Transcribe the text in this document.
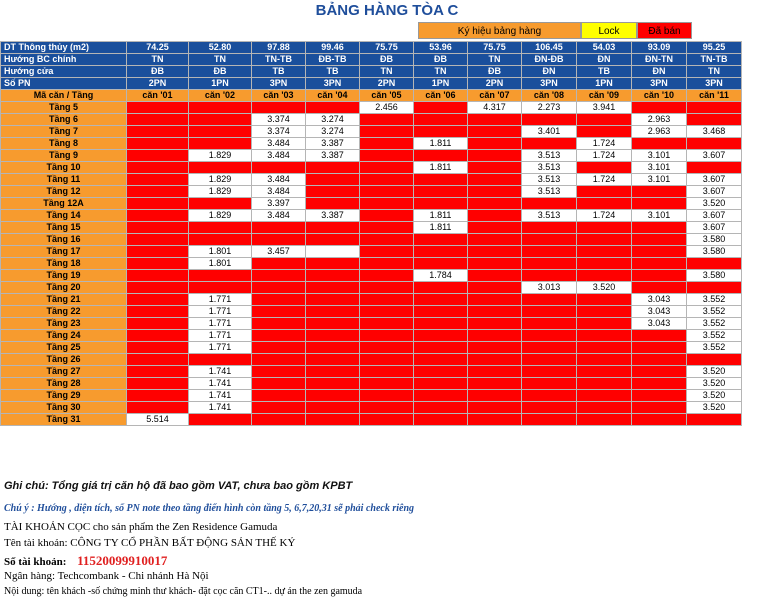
BẢNG HÀNG TÒA C
Ký hiệu bảng hàng	Lock	Đã bán
DT Thông thủy (m2)	74.25	52.80	97.88	99.46	75.75	53.96	75.75	106.45	54.03	93.09	95.25
Hướng BC chính	TN	TN	TN-TB	ĐB-TB	ĐB	ĐB	TN	ĐN-ĐB	ĐN	ĐN-TN	TN-TB
Hướng cửa	ĐB	ĐB	TB	TB	TN	TN	ĐB	ĐN	TB	ĐN	TN
Số PN	2PN	1PN	3PN	3PN	2PN	1PN	2PN	3PN	1PN	3PN	3PN
Mã căn / Tầng	căn '01	căn '02	căn '03	căn '04	căn '05	căn '06	căn '07	căn '08	căn '09	căn '10	căn '11
Tầng 5					2.456		4.317	2.273	3.941		
Tầng 6			3.374	3.274						2.963	
Tầng 7			3.374	3.274				3.401		2.963	3.468
Tầng 8			3.484	3.387		1.811			1.724		
Tầng 9		1.829	3.484	3.387				3.513	1.724	3.101	3.607
Tầng 10						1.811		3.513		3.101	
Tầng 11		1.829	3.484					3.513	1.724	3.101	3.607
Tầng 12		1.829	3.484					3.513			3.607
Tầng 12A			3.397								3.520
Tầng 14		1.829	3.484	3.387		1.811		3.513	1.724	3.101	3.607
Tầng 15						1.811					3.607
Tầng 16											3.580
Tầng 17		1.801	3.457								3.580
Tầng 18		1.801									
Tầng 19						1.784					3.580
Tầng 20								3.013	3.520		
Tầng 21		1.771								3.043	3.552
Tầng 22		1.771								3.043	3.552
Tầng 23		1.771								3.043	3.552
Tầng 24		1.771									3.552
Tầng 25		1.771									3.552
Tầng 26											
Tầng 27		1.741									3.520
Tầng 28		1.741									3.520
Tầng 29		1.741									3.520
Tầng 30		1.741									3.520
Tầng 31	5.514										
Ghi chú: Tổng giá trị căn hộ đã bao gồm VAT, chưa bao gồm KPBT
Chú ý : Hướng , diện tích, số PN note theo tầng điển hình còn tầng 5, 6,7,20,31 sẽ phải check riêng
TÀI KHOẢN CỌC cho sản phẩm the Zen Residence Gamuda
Tên tài khoản: CÔNG TY CỔ PHẦN BẤT ĐỘNG SẢN THẾ KỶ
Số tài khoản: 11520099910017
Ngân hàng: Techcombank - Chi nhánh Hà Nội
Nội dung: tên khách -số chứng minh thư khách- đặt cọc căn CT1-.. dự án the zen gamuda
